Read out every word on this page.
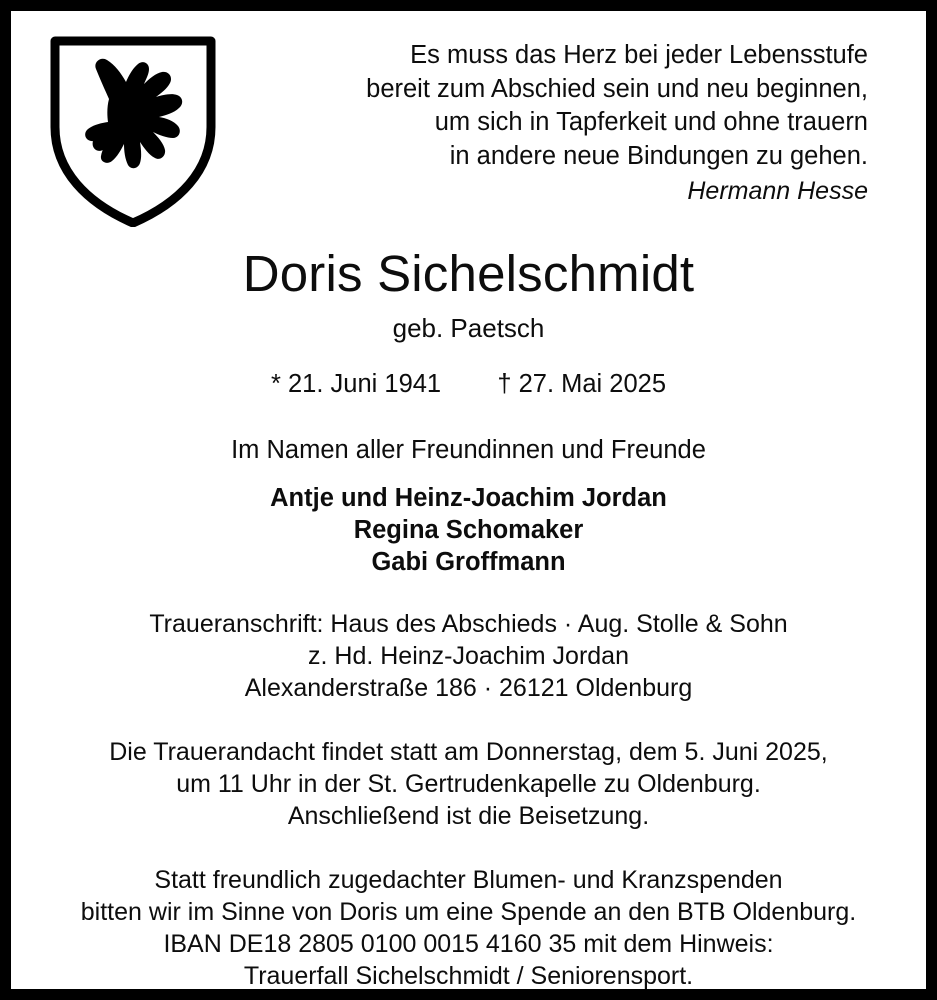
Es muss das Herz bei jeder Lebensstufe
bereit zum Abschied sein und neu beginnen,
um sich in Tapferkeit und ohne trauern
in andere neue Bindungen zu gehen.
Hermann Hesse
Doris Sichelschmidt
geb. Paetsch
* 21. Juni 1941 † 27. Mai 2025
Im Namen aller Freundinnen und Freunde
Antje und Heinz-Joachim Jordan
Regina Schomaker
Gabi Groffmann
Traueranschrift: Haus des Abschieds · Aug. Stolle & Sohn
z. Hd. Heinz-Joachim Jordan
Alexanderstraße 186 · 26121 Oldenburg
Die Trauerandacht findet statt am Donnerstag, dem 5. Juni 2025,
um 11 Uhr in der St. Gertrudenkapelle zu Oldenburg.
Anschließend ist die Beisetzung.
Statt freundlich zugedachter Blumen- und Kranzspenden
bitten wir im Sinne von Doris um eine Spende an den BTB Oldenburg.
IBAN DE18 2805 0100 0015 4160 35 mit dem Hinweis:
Trauerfall Sichelschmidt / Seniorensport.
